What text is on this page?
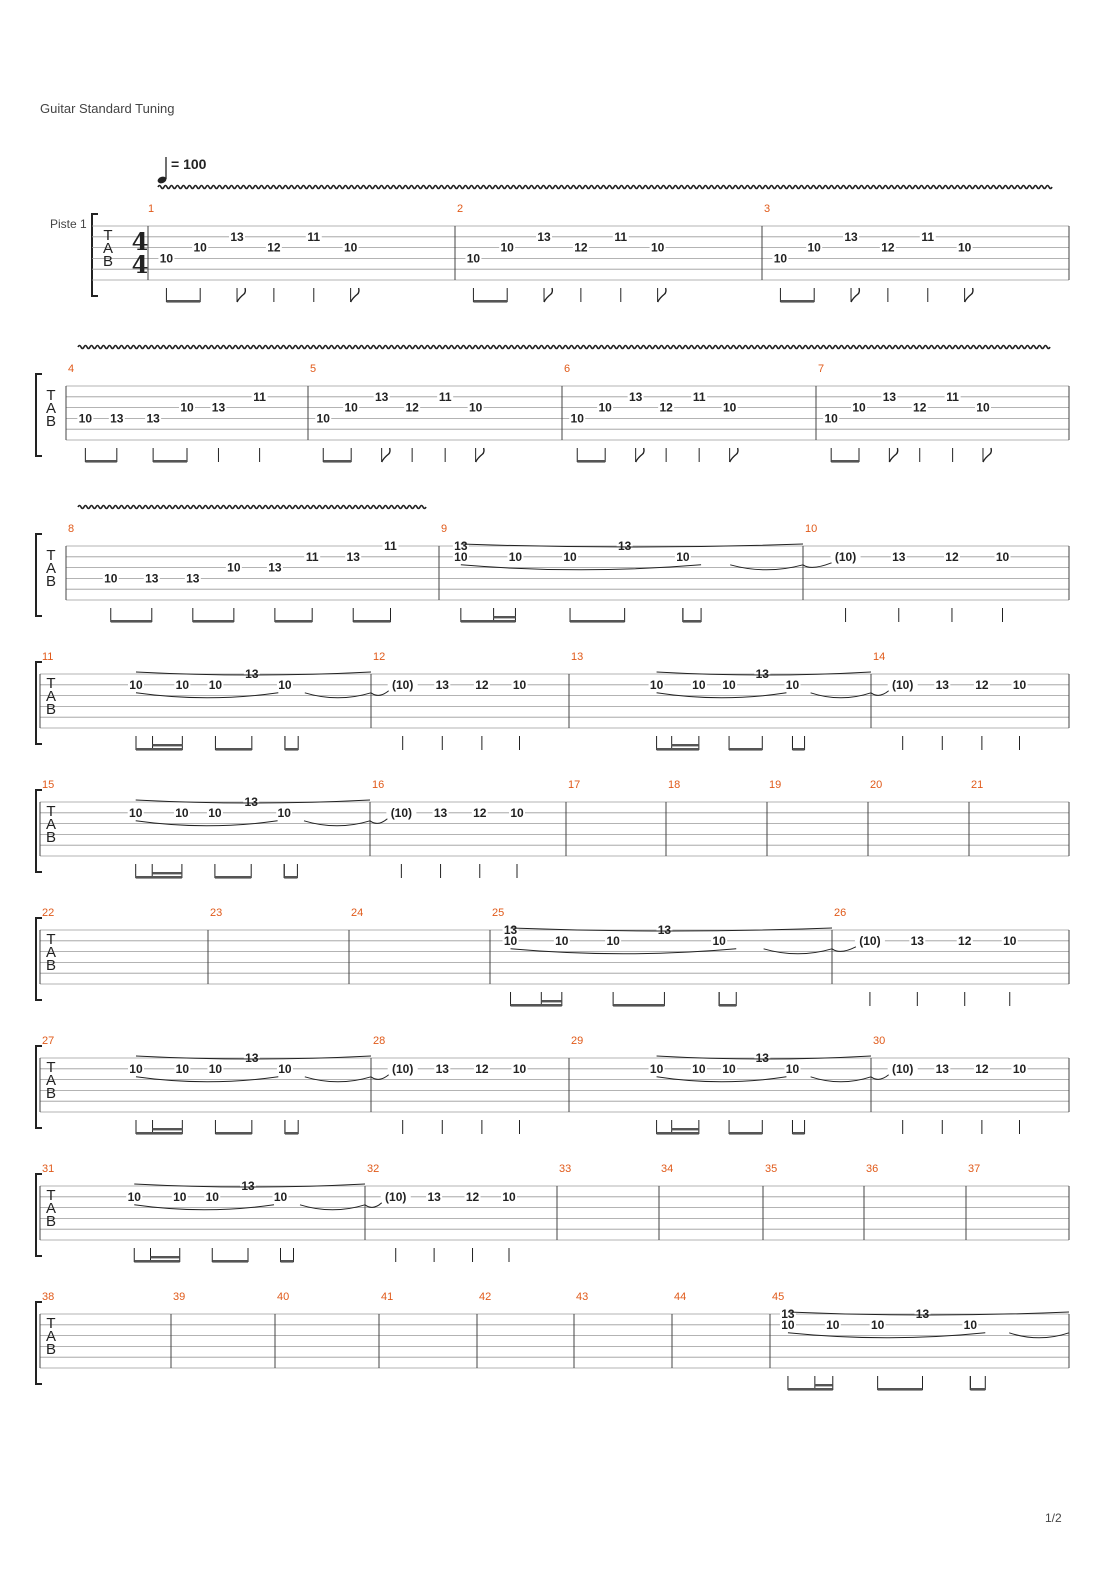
Guitar Standard Tuning
= 100
Piste 1
T
A
B
4
4
1
10
10
13
12
11
10
2
10
10
13
12
11
10
3
10
10
13
12
11
10
T
A
B
4
10 13 13
10 13
11
5
10
10
13
12
11
10
6
10
10
13
12
11
10
7
10
10
13
12
11
10
T
A
B
8
10 13 13
10 13
11 13
11
9
13
10	10	10
13
10
10
(10)	13	12	10
T
A
B
11
10	10 10
13
10
12
(10) 13 12 10
13
10 10 10
13
10
14
(10) 13 12 10
T
A
B
15
10	10 10
13
10
16
(10) 13 12 10
17	18	19	20	21
T
A
B
22	23	24	25
13
10	10	10
13
10
26
(10)	13	12	10
T
A
B
27
10	10 10
13
10
28
(10) 13 12 10
29
10 10 10
13
10
30
(10) 13 12 10
T
A
B
31
10	10 10
13
10
32
(10) 13 12 10
33	34	35	36	37
T
A
B
38	39	40	41	42	43	44	45
13
10	10	10
13
10
1/2
